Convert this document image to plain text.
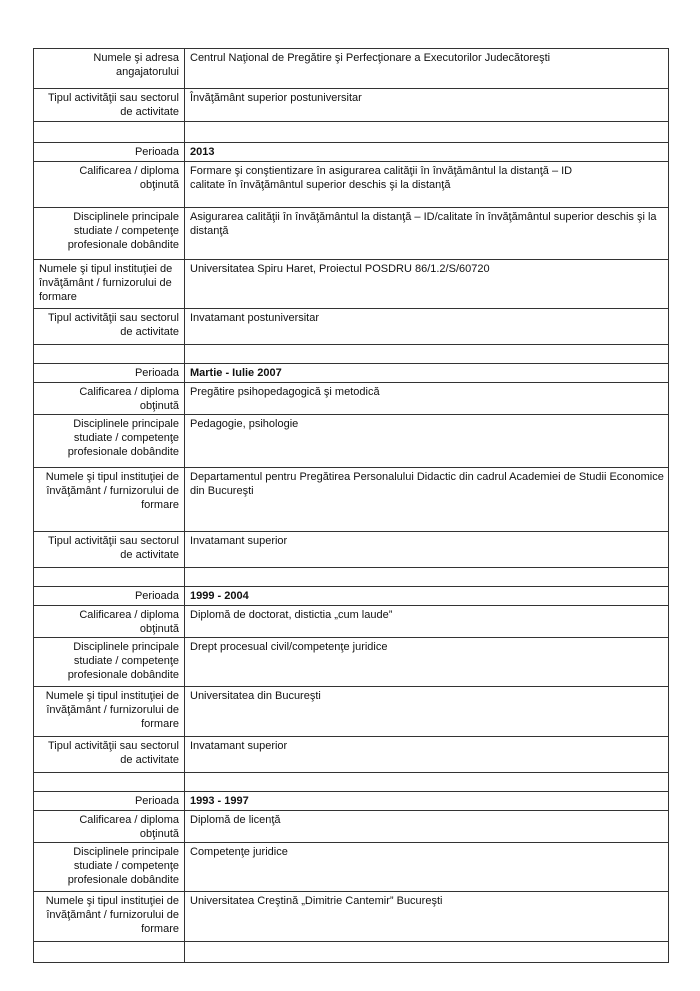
Numele şi adresa angajatorului	Centrul Naţional de Pregătire şi Perfecţionare a Executorilor Judecătoreşti

Tipul activităţii sau sectorul de activitate	Învăţământ superior postuniversitar

Perioada	2013

Calificarea / diploma obţinută	Formare şi conştientizare în asigurarea calităţii în învăţământul la distanţă – ID
calitate în învăţământul superior deschis şi la distanţă

Disciplinele principale studiate / competenţe profesionale dobândite	Asigurarea calităţii în învăţământul la distanţă – ID/calitate în învăţământul superior deschis şi la
distanţă

Numele şi tipul instituţiei de învăţământ / furnizorului de formare	Universitatea Spiru Haret, Proiectul POSDRU 86/1.2/S/60720

Tipul activităţii sau sectorul de activitate	Invatamant postuniversitar

Perioada	Martie - Iulie 2007

Calificarea / diploma obţinută	Pregătire psihopedagogică şi metodică

Disciplinele principale studiate / competenţe profesionale dobândite	Pedagogie, psihologie

Numele şi tipul instituţiei de învăţământ / furnizorului de formare	Departamentul pentru Pregătirea Personalului Didactic din cadrul Academiei de Studii Economice
din Bucureşti

Tipul activităţii sau sectorul de activitate	Invatamant superior

Perioada	1999 - 2004

Calificarea / diploma obţinută	Diplomă de doctorat, distictia „cum laude”

Disciplinele principale studiate / competenţe profesionale dobândite	Drept procesual civil/competenţe juridice

Numele şi tipul instituţiei de învăţământ / furnizorului de formare	Universitatea din Bucureşti

Tipul activităţii sau sectorul de activitate	Invatamant superior

Perioada	1993 - 1997

Calificarea / diploma obţinută	Diplomă de licenţă

Disciplinele principale studiate / competenţe profesionale dobândite	Competenţe juridice

Numele şi tipul instituţiei de învăţământ / furnizorului de formare	Universitatea Creştină „Dimitrie Cantemir” Bucureşti
